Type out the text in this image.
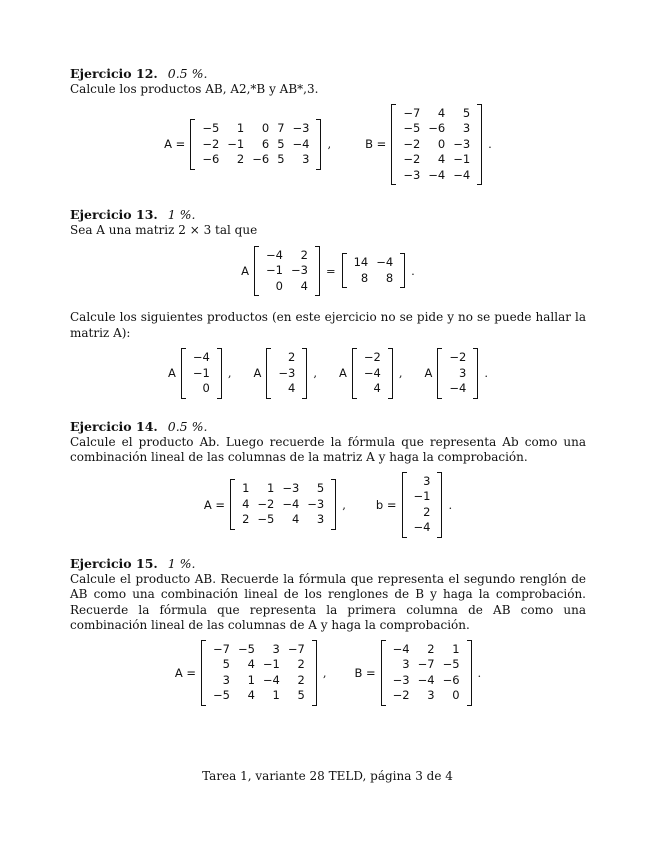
Ejercicio 12. 0.5 %.

Calcule los productos AB, A2,*B y AB*,3.

A =
−5	1	0	7	−3
−2	−1	6	5	−4
−6	2	−6	5	3
,	B =
−7	4	5
−5	−6	3
−2	0	−3
−2	4	−1
−3	−4	−4
.

Ejercicio 13. 1 %.

Sea A una matriz 2 × 3 tal que

A
−4	2
−1	−3
0	4
=
14	−4
8	8 .

Calcule los siguientes productos (en este ejercicio no se pide y no se puede hallar la matriz A):

A
−4
−1
0
, A
2
−3
4
, A
−2
−4
4
, A
−2
3
−4
.

Ejercicio 14. 0.5 %.

Calcule el producto Ab. Luego recuerde la fórmula que representa Ab como una combinación lineal de las columnas de la matriz A y haga la comprobación.

A =
1	1	−3	5
4	−2	−4	−3
2	−5	4	3
,	b =
3
−1
2
−4
.

Ejercicio 15. 1 %.

Calcule el producto AB. Recuerde la fórmula que representa el segundo renglón de AB como una combinación lineal de los renglones de B y haga la comprobación. Recuerde la fórmula que representa la primera columna de AB como una combinación lineal de las columnas de A y haga la comprobación.

A =
−7	−5	3	−7
5	4	−1	2
3	1	−4	2
−5	4	1	5
, B =
−4	2	1
3	−7	−5
−3	−4	−6
−2	3	0
.
Tarea 1, variante 28 TELD, página 3 de 4
